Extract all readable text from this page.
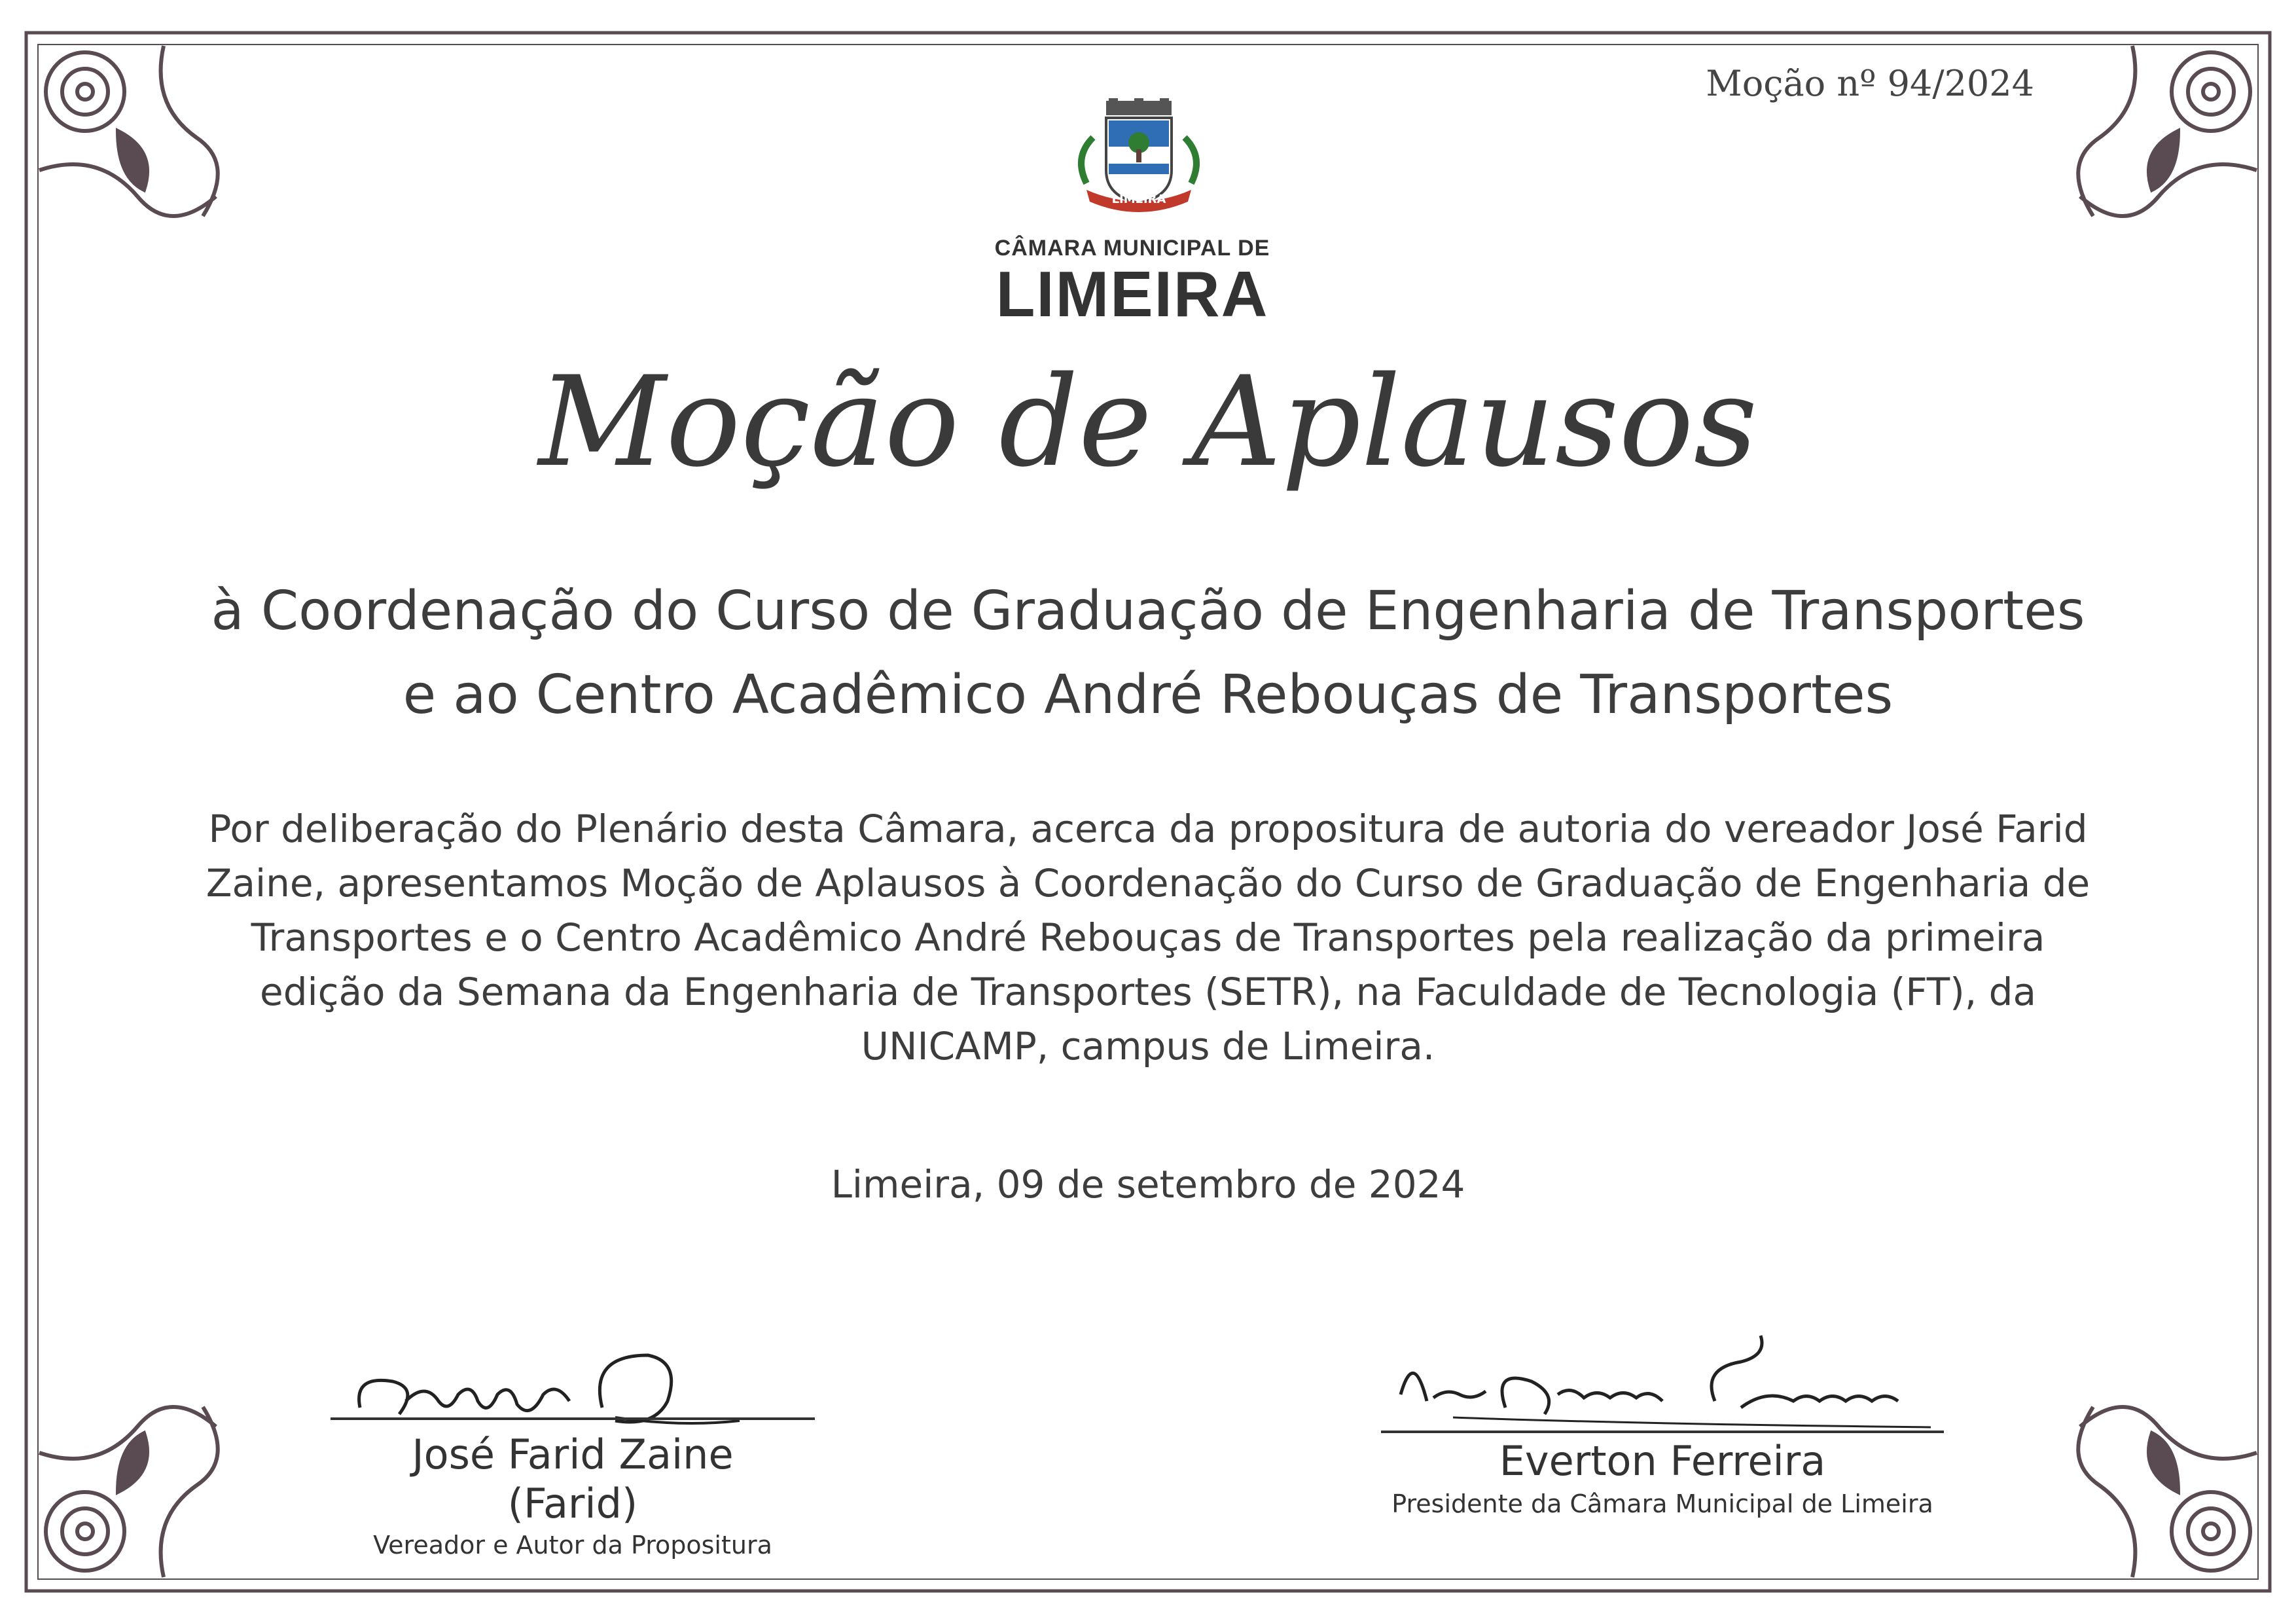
Moção nº 94/2024
LIMEIRA
CÂMARA MUNICIPAL DE
LIMEIRA
Moção de Aplausos
à Coordenação do Curso de Graduação de Engenharia de Transportes
e ao Centro Acadêmico André Rebouças de Transportes
Por deliberação do Plenário desta Câmara, acerca da propositura de autoria do vereador José Farid Zaine, apresentamos Moção de Aplausos à Coordenação do Curso de Graduação de Engenharia de Transportes e o Centro Acadêmico André Rebouças de Transportes pela realização da primeira edição da Semana da Engenharia de Transportes (SETR), na Faculdade de Tecnologia (FT), da UNICAMP, campus de Limeira.
Limeira, 09 de setembro de 2024
José Farid Zaine
(Farid)
Vereador e Autor da Propositura
Everton Ferreira
Presidente da Câmara Municipal de Limeira
